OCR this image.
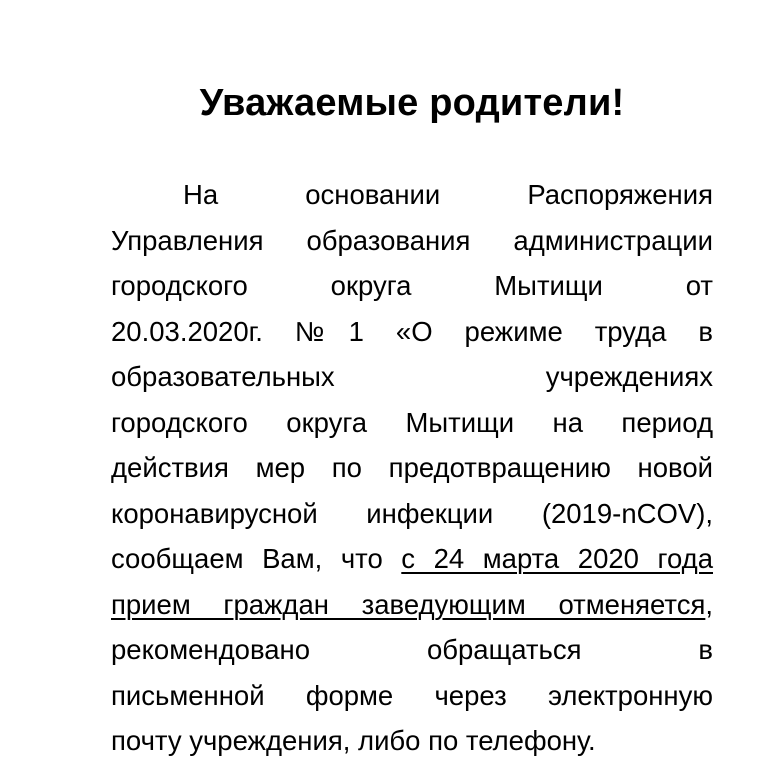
Уважаемые родители!
На основании Распоряжения
Управления образования администрации
городского округа Мытищи от
20.03.2020г. №1 «О режиме труда в
образовательных учреждениях
городского округа Мытищи на период
действия мер по предотвращению новой
коронавирусной инфекции (2019-nCOV),
сообщаем Вам, что с 24 марта 2020 года
прием граждан заведующим отменяется,
рекомендовано обращаться в
письменной форме через электронную
почту учреждения, либо по телефону.
